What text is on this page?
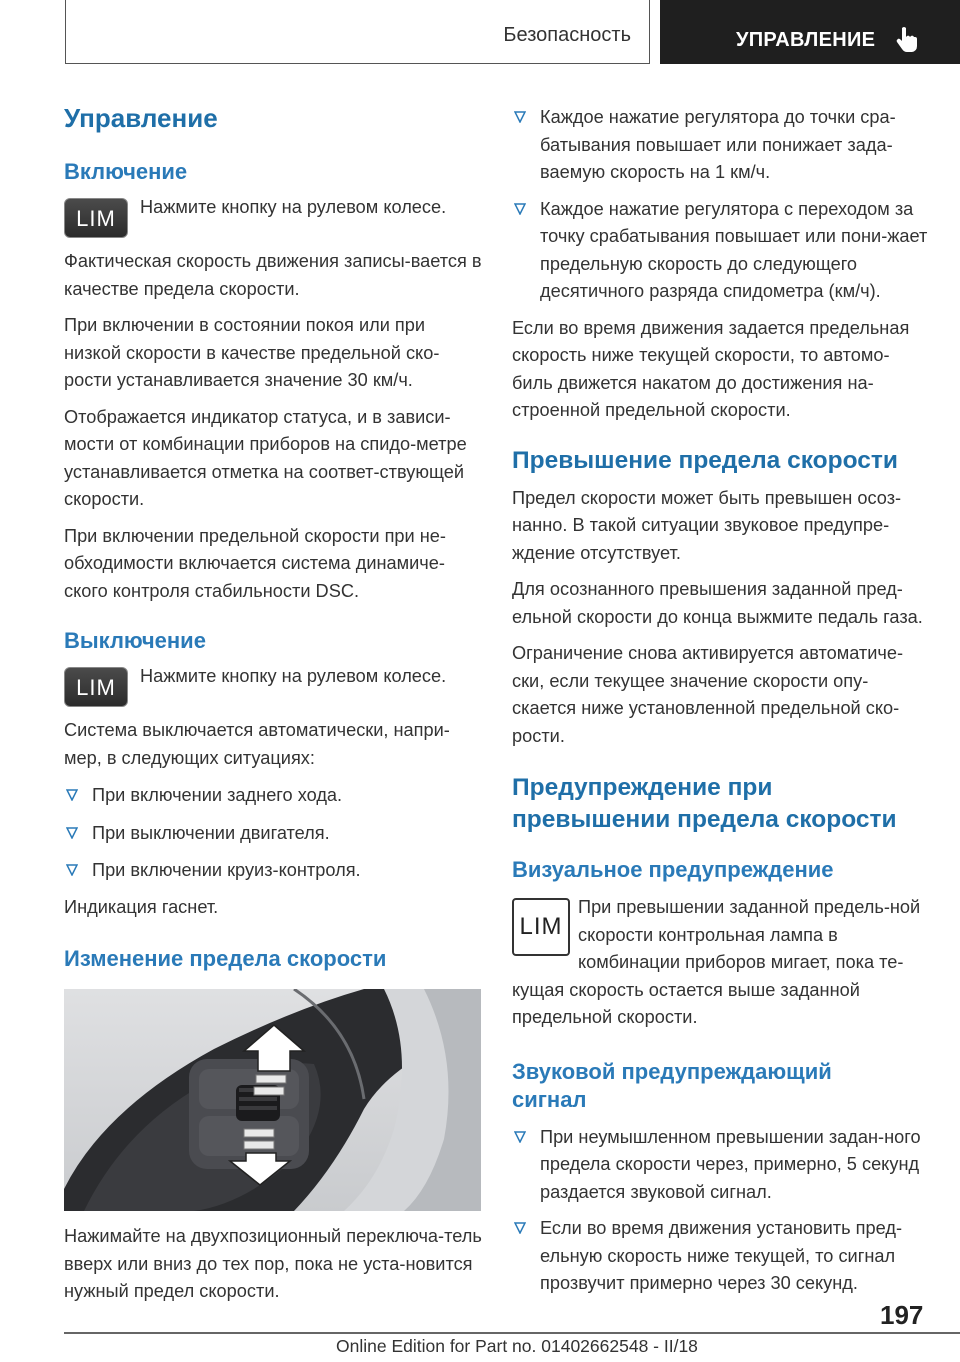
Безопасность	УПРАВЛЕНИЕ
Управление
Включение
LIM	Нажмите кнопку на рулевом колесе.

Фактическая скорость движения записы-вается в качестве предела скорости.

При включении в состоянии покоя или при низкой скорости в качестве предельной ско-рости устанавливается значение 30 км/ч.

Отображается индикатор статуса, и в зависи-мости от комбинации приборов на спидо-метре устанавливается отметка на соответ-ствующей скорости.

При включении предельной скорости при не-обходимости включается система динамиче-ского контроля стабильности DSC.

Выключение
LIM	Нажмите кнопку на рулевом колесе.

Система выключается автоматически, напри-мер, в следующих ситуациях:

При включении заднего хода.
При выключении двигателя.
При включении круиз-контроля.

Индикация гаснет.

Изменение предела скорости

Нажимайте на двухпозиционный переключа-тель вверх или вниз до тех пор, пока не уста-новится нужный предел скорости.

Каждое нажатие регулятора до точки сра-батывания повышает или понижает зада-ваемую скорость на 1 км/ч.
Каждое нажатие регулятора с переходом за точку срабатывания повышает или пони-жает предельную скорость до следующего десятичного разряда спидометра (км/ч).

Если во время движения задается предельная скорость ниже текущей скорости, то автомо-биль движется накатом до достижения на-строенной предельной скорости.

Превышение предела скорости

Предел скорости может быть превышен осоз-нанно. В такой ситуации звуковое предупре-ждение отсутствует.

Для осознанного превышения заданной пред-ельной скорости до конца выжмите педаль газа.

Ограничение снова активируется автоматиче-ски, если текущее значение скорости опу-скается ниже установленной предельной ско-рости.

Предупреждение при
превышении предела скорости
Визуальное предупреждение
LIM

При превышении заданной предель-ной скорости контрольная лампа в комбинации приборов мигает, пока те-кущая скорость остается выше заданной предельной скорости.

Звуковой предупреждающий
сигнал
При неумышленном превышении задан-ного предела скорости через, примерно, 5 секунд раздается звуковой сигнал.
Если во время движения установить пред-ельную скорость ниже текущей, то сигнал прозвучит примерно через 30 секунд.
197
Online Edition for Part no. 01402662548 - II/18
